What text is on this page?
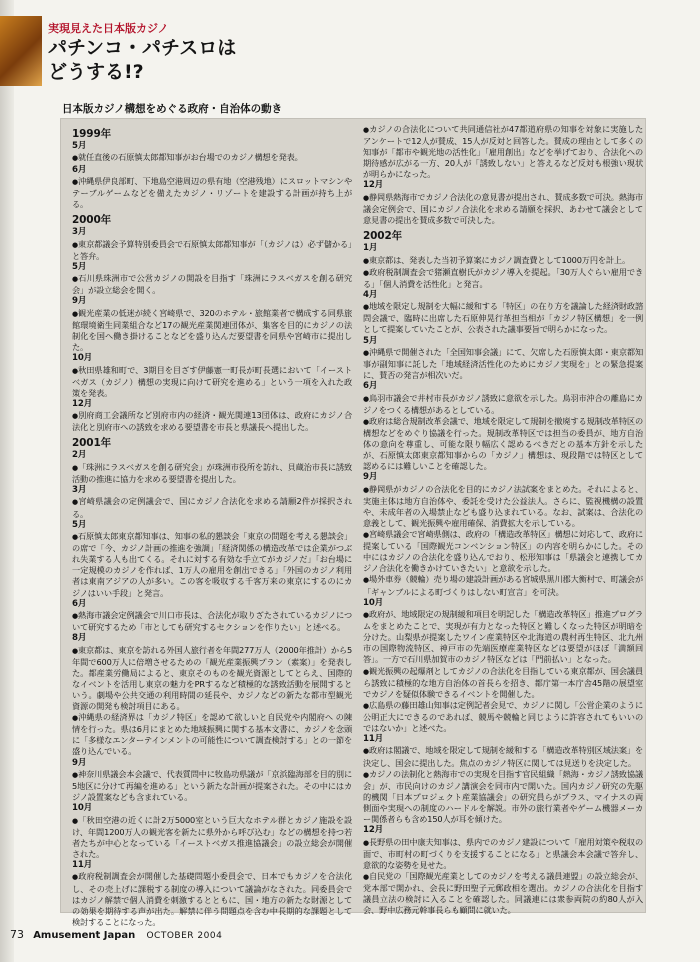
実現見えた日本版カジノ
パチンコ・パチスロは
どうする!?
日本版カジノ構想をめぐる政府・自治体の動き
1999年
5月
● 就任直後の石原慎太郎都知事がお台場でのカジノ構想を発表。
6月
● 沖縄県伊良部町、下地島空港周辺の県有地（空港残地）にスロットマシンやテーブルゲームなどを備えたカジノ・リゾートを建設する計画が持ち上がる。
2000年
3月
● 東京都議会予算特別委員会で石原慎太郎都知事が「（カジノは）必ず儲かる」と答弁。
5月
● 石川県珠洲市で公営カジノの開設を目指す「珠洲にラスベガスを創る研究会」が設立総会を開く。
9月
● 観光産業の低迷が続く宮崎県で、320のホテル・旅館業者で構成する同県旅館環境衛生同業組合など17の観光産業関連団体が、集客を目的にカジノの法制化を国へ働き掛けることなどを盛り込んだ要望書を同県や宮崎市に提出した。
10月
● 秋田県雄和町で、3期目を目ざす伊藤憲一町長が町長選において「イーストベガス（カジノ）構想の実現に向けて研究を進める」という一項を入れた政策を発表。
12月
● 別府商工会議所など別府市内の経済・観光関連13団体は、政府にカジノ合法化と別府市への誘致を求める要望書を市長と県議長へ提出した。
2001年
2月
● 「珠洲にラスベガスを創る研究会」が珠洲市役所を訪れ、貝蔵治市長に誘致活動の推進に協力を求める要望書を提出した。
3月
● 宮崎県議会の定例議会で、国にカジノ合法化を求める請願2件が採択される。
5月
● 石原慎太郎東京都知事は、知事の私的懇談会「東京の問題を考える懇談会」の席で「今、カジノ計画の推進を強調」「経済関係の構造改革では企業がつぶれ失業する人も出てくる。それに対する有効な手立てがカジノだ」「お台場に一定規模のカジノを作れば、1万人の雇用を創出できる」「外国のカジノ利用者は東南アジアの人が多い。この客を吸収する千客万来の東京にするのにカジノはいい手段」と発言。
6月
● 熱海市議会定例議会で川口市長は、合法化が取りざたされているカジノについて研究するため「市としても研究するセクションを作りたい」と述べる。
8月
● 東京都は、東京を訪れる外国人旅行者を年間277万人（2000年推計）から5年間で600万人に倍増させるための「観光産業振興プラン（素案）」を発表した。都産業労働局によると、東京そのものを観光資源としてとらえ、国際的なイベントを活用し東京の魅力をPRするなど積極的な誘致活動を展開するという。劇場や公共交通の利用時間の延長や、カジノなどの新たな都市型観光資源の開発も検討項目にある。
● 沖縄県の経済界は「カジノ特区」を認めて欲しいと自民党や内閣府へ の陳情を行った。県は6月にまとめた地域振興に関する基本文書に、カジノを念頭に「多様なエンターテインメントの可能性について調査検討する」との一節を盛り込んでいる。
9月
● 神奈川県議会本会議で、代表質問中に牧島功県議が「京浜臨海部を目的別に5地区に分けて再編を進める」という新たな計画が提案された。その中にはカジノ設置案なども含まれている。
10月
● 「秋田空港の近くに計2万5000室という巨大なホテル群とカジノ施設を設け、年間1200万人の観光客を新たに県外から呼び込む」などの構想を持つ若者たちが中心となっている「イーストベガス推進協議会」の設立総会が開催された。
11月
● 政府税制調査会が開催した基礎問題小委員会で、日本でもカジノを合法化し、その売上げに課税する制度の導入について議論がなされた。同委員会ではカジノ解禁で個人消費を刺激するとともに、国・地方の新たな財源としての効果を期待する声が出た。解禁に伴う問題点を含む中長期的な課題として検討することになった。
● カジノの合法化について共同通信社が47都道府県の知事を対象に実施したアンケートで12人が賛成、15人が反対と回答した。賛成の理由として多くの知事が「都市や観光地の活性化」「雇用創出」などを挙げており、合法化への期待感が広がる一方、20人が「誘致しない」と答えるなど反対も根強い現状が明らかになった。
12月
● 静岡県熱海市でカジノ合法化の意見書が提出され、賛成多数で可決。熱海市議会定例会で、国にカジノ合法化を求める請願を採択、あわせて議会として意見書の提出を賛成多数で可決した。
2002年
1月
● 東京都は、発表した当初予算案にカジノ調査費として1000万円を計上。
● 政府税制調査会で猪瀬直樹氏がカジノ導入を提起。「30万人ぐらい雇用できる」「個人消費を活性化」と発言。
4月
● 地域を限定し規制を大幅に緩和する「特区」の在り方を議論した経済財政諮問会議で、臨時に出席した石原伸晃行革担当相が「カジノ特区構想」を一例として提案していたことが、公表された議事要旨で明らかになった。
5月
● 沖縄県で開催された「全国知事会議」にて、欠席した石原慎太郎・東京都知事が副知事に託した「地域経済活性化のためにカジノ実現を」との緊急提案に、賛否の発言が相次いだ。
6月
● 鳥羽市議会で井村市長がカジノ誘致に意欲を示した。鳥羽市沖合の離島にカジノをつくる構想があるとしている。
● 政府は総合規制改革会議で、地域を限定して規制を撤廃する規制改革特区の構想などをめぐり協議を行った。規制改革特区では担当の委員が、地方自治体の意向を尊重し、可能な限り幅広く認めるべきだとの基本方針を示したが、石原慎太郎東京都知事からの「カジノ」構想は、現段階では特区として認めるには難しいことを確認した。
9月
● 静岡県がカジノの合法化を目的にカジノ法試案をまとめた。それによると、実施主体は地方自治体や、委託を受けた公益法人。さらに、監視機構の設置や、未成年者の入場禁止なども盛り込まれている。なお、試案は、合法化の意義として、観光振興や雇用確保、消費拡大を示している。
● 宮崎県議会で宮崎県側は、政府の「構造改革特区」構想に対応して、政府に提案している「国際観光コンベンション特区」の内容を明らかにした。その中にはカジノの合法化を盛り込んでおり、松形知事は「県議会と連携してカジノ合法化を働きかけていきたい」と意欲を示した。
● 場外車券（競輪）売り場の建設計画がある宮城県黒川郡大衡村で、町議会が「ギャンブルによる町づくりはしない町宣言」を可決。
10月
● 政府が、地域限定の規制緩和項目を明記した「構造改革特区」推進プログラムをまとめたことで、実現が有力となった特区と難しくなった特区が明暗を分けた。山梨県が提案したワイン産業特区や北海道の農村再生特区、北九州市の国際物流特区、神戸市の先端医療産業特区などは要望がほぼ「満額回答」。一方で石川県加賀市のカジノ特区などは「門前払い」となった。
● 観光振興の起爆剤としてカジノの合法化を目指している東京都が、国会議員ら誘致に積極的な地方自治体の首長らを招き、都庁第一本庁舎45階の展望室でカジノを疑似体験できるイベントを開催した。
● 広島県の藤田雄山知事は定例記者会見で、カジノに関し「公営企業のように公明正大にできるのであれば、競馬や競輪と同じように許容されてもいいのではないか」と述べた。
11月
● 政府は閣議で、地域を限定して規制を緩和する「構造改革特別区域法案」を決定し、国会に提出した。焦点のカジノ特区に関しては見送りを決定した。
● カジノの法制化と熱海市での実現を目指す官民組織「熱海・カジノ誘致協議会」が、市民向けのカジノ講演会を同市内で開いた。国内カジノ研究の先駆的機関「日本プロジェクト産業協議会」の研究員らがプラス、マイナスの両側面や実現への制度のハードルを解説。市外の旅行業者やゲーム機器メーカー関係者らも含め150人が耳を傾けた。
12月
● 長野県の田中康夫知事は、県内でのカジノ建設について「雇用対策や税収の面で、市町村の町づくりを支援することになる」と県議会本会議で答弁し、意欲的な姿勢を見せた。
● 自民党の「国際観光産業としてのカジノを考える議員連盟」の設立総会が、党本部で開かれ、会長に野田聖子元郵政相を選出。カジノの合法化を目指す議員立法の検討に入ることを確認した。同議連には衆参両院の約80人が入会、野中広務元幹事長らも顧問に就いた。
73 Amusement Japan OCTOBER 2004
